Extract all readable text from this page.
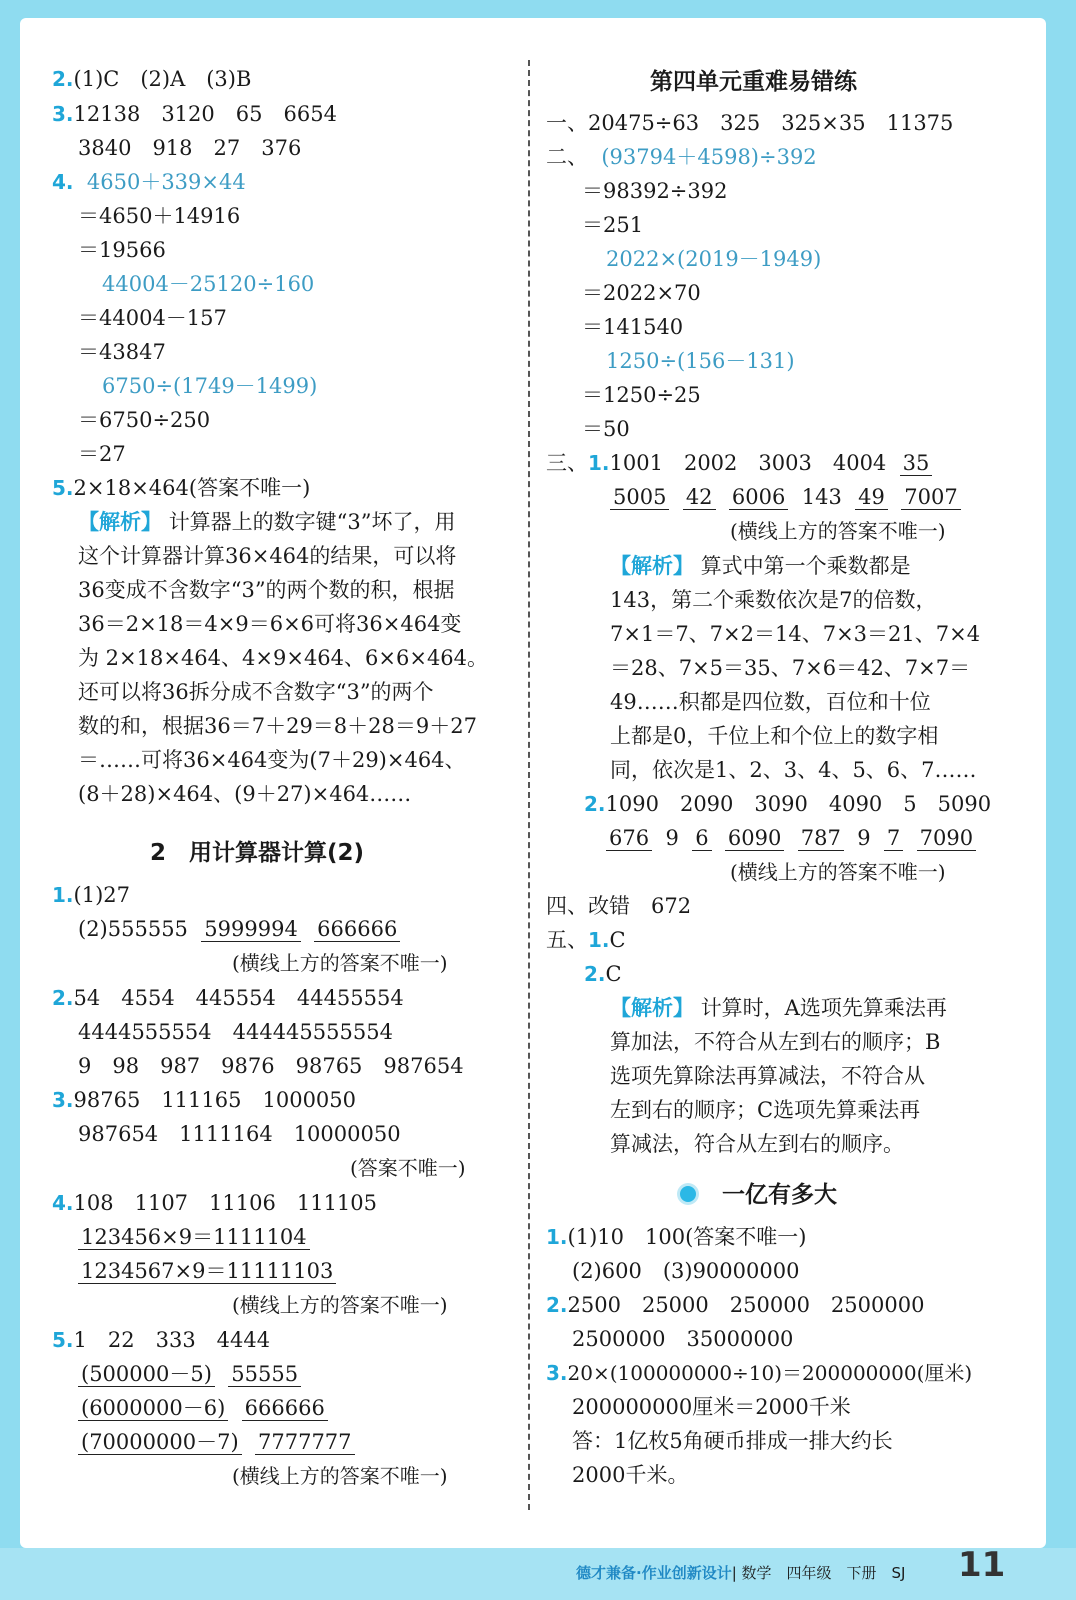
2.(1)C　(2)A　(3)B
3.12138　3120　65　6654
3840　918　27　376
4. 4650＋339×44
＝4650＋14916
＝19566
44004－25120÷160
＝44004－157
＝43847
6750÷(1749－1499)
＝6750÷250
＝27
5.2×18×464(答案不唯一)
【解析】 计算器上的数字键“3”坏了，用
这个计算器计算36×464的结果，可以将
36变成不含数字“3”的两个数的积，根据
36＝2×18＝4×9＝6×6可将36×464变
为 2×18×464、4×9×464、6×6×464。
还可以将36拆分成不含数字“3”的两个
数的和，根据36＝7＋29＝8＋28＝9＋27
＝……可将36×464变为(7＋29)×464、
(8＋28)×464、(9＋27)×464……
2　用计算器计算(2)
1.(1)27
(2)555555 5999994 666666
(横线上方的答案不唯一)
2.54　4554　445554　44455554
4444555554　444445555554
9　98　987　9876　98765　987654
3.98765　111165　1000050
987654　1111164　10000050
(答案不唯一)
4.108　1107　11106　111105
123456×9＝1111104
1234567×9＝11111103
(横线上方的答案不唯一)
5.1　22　333　4444
(500000－5) 55555
(6000000－6) 666666
(70000000－7) 7777777
(横线上方的答案不唯一)
第四单元重难易错练
一、20475÷63　325　325×35　11375
二、 (93794＋4598)÷392
＝98392÷392
＝251
2022×(2019－1949)
＝2022×70
＝141540
1250÷(156－131)
＝1250÷25
＝50
三、1.1001　2002　3003　4004 35
5005 42 6006 143 49 7007
(横线上方的答案不唯一)
【解析】 算式中第一个乘数都是
143，第二个乘数依次是7的倍数，
7×1＝7、7×2＝14、7×3＝21、7×4
＝28、7×5＝35、7×6＝42、7×7＝
49……积都是四位数，百位和十位
上都是0，千位上和个位上的数字相
同，依次是1、2、3、4、5、6、7……
2.1090　2090　3090　4090　5　5090
676 9 6 6090 787 9 7 7090
(横线上方的答案不唯一)
四、改错　672
五、1.C
2.C
【解析】 计算时，A选项先算乘法再
算加法，不符合从左到右的顺序；B
选项先算除法再算减法，不符合从
左到右的顺序；C选项先算乘法再
算减法，符合从左到右的顺序。
一亿有多大
1.(1)10　100(答案不唯一)
(2)600　(3)90000000
2.2500　25000　250000　2500000
2500000　35000000
3.20×(100000000÷10)＝200000000(厘米)
200000000厘米＝2000千米
答：1亿枚5角硬币排成一排大约长
2000千米。
德才兼备·作业创新设计| 数学　四年级　下册　SJ 11
